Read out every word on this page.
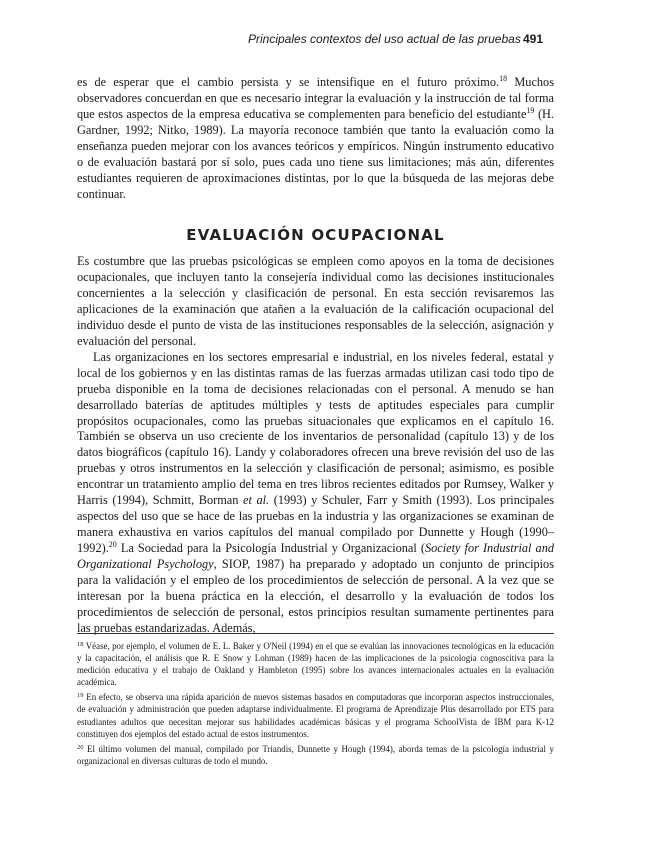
Principales contextos del uso actual de las pruebas 491

es de esperar que el cambio persista y se intensifique en el futuro próximo.$^{18}$ Muchos observadores concuerdan en que es necesario integrar la evaluación y la instrucción de tal forma que estos aspectos de la empresa educativa se complementen para beneficio del estudiante$^{19}$ (H. Gardner, 1992; Nitko, 1989). La mayoría reconoce también que tanto la evaluación como la enseñanza pueden mejorar con los avances teóricos y empíricos. Ningún instrumento educativo o de evaluación bastará por sí solo, pues cada uno tiene sus limitaciones; más aún, diferentes estudiantes requieren de aproximaciones distintas, por lo que la búsqueda de las mejoras debe continuar.

EVALUACIÓN OCUPACIONAL

Es costumbre que las pruebas psicológicas se empleen como apoyos en la toma de decisiones ocupacionales, que incluyen tanto la consejería individual como las decisiones institucionales concernientes a la selección y clasificación de personal. En esta sección revisaremos las aplicaciones de la examinación que atañen a la evaluación de la calificación ocupacional del individuo desde el punto de vista de las instituciones responsables de la selección, asignación y evaluación del personal.

Las organizaciones en los sectores empresarial e industrial, en los niveles federal, estatal y local de los gobiernos y en las distintas ramas de las fuerzas armadas utilizan casi todo tipo de prueba disponible en la toma de decisiones relacionadas con el personal. A menudo se han desarrollado baterías de aptitudes múltiples y tests de aptitudes especiales para cumplir propósitos ocupacionales, como las pruebas situacionales que explicamos en el capítulo 16. También se observa un uso creciente de los inventarios de personalidad (capítulo 13) y de los datos biográficos (capítulo 16). Landy y colaboradores ofrecen una breve revisión del uso de las pruebas y otros instrumentos en la selección y clasificación de personal; asimismo, es posible encontrar un tratamiento amplio del tema en tres libros recientes editados por Rumsey, Walker y Harris (1994), Schmitt, Borman et al. (1993) y Schuler, Farr y Smith (1993). Los principales aspectos del uso que se hace de las pruebas en la industria y las organizaciones se examinan de manera exhaustiva en varios capítulos del manual compilado por Dunnette y Hough (1990–1992).$^{20}$ La Sociedad para la Psicología Industrial y Organizacional (Society for Industrial and Organizational Psychology, SIOP, 1987) ha preparado y adoptado un conjunto de principios para la validación y el empleo de los procedimientos de selección de personal. A la vez que se interesan por la buena práctica en la elección, el desarrollo y la evaluación de todos los procedimientos de selección de personal, estos principios resultan sumamente pertinentes para las pruebas estandarizadas. Además,

$^{18}$ Véase, por ejemplo, el volumen de E. L. Baker y O'Neil (1994) en el que se evalúan las innovaciones tecnológicas en la educación y la capacitación, el análisis que R. E Snow y Lohman (1989) hacen de las implicaciones de la psicología cognoscitiva para la medición educativa y el trabajo de Oakland y Hambleton (1995) sobre los avances internacionales actuales en la evaluación académica.

$^{19}$ En efecto, se observa una rápida aparición de nuevos sistemas basados en computadoras que incorporan aspectos instruccionales, de evaluación y administración que pueden adaptarse individualmente. El programa de Aprendizaje Plus desarrollado por ETS para estudiantes adultos que necesitan mejorar sus habilidades académicas básicas y el programa SchoolVista de IBM para K-12 constituyen dos ejemplos del estado actual de estos instrumentos.

$^{20}$ El último volumen del manual, compilado por Triandis, Dunnette y Hough (1994), aborda temas de la psicología industrial y organizacional en diversas culturas de todo el mundo.
